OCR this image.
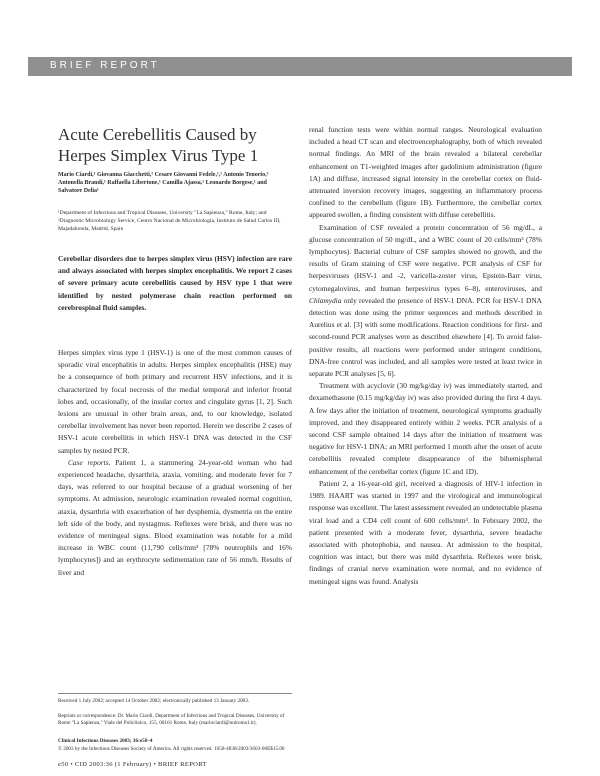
BRIEF REPORT
Acute Cerebellitis Caused by Herpes Simplex Virus Type 1
Mario Ciardi,¹ Giovanna Giacchetti,¹ Cesare Giovanni Fedele,¹,² Antonio Tenorio,² Antonella Brandi,¹ Raffaella Libertone,¹ Camilla Ajassa,¹ Leonardo Borgese,¹ and Salvatore Delia¹
¹Department of Infectious and Tropical Diseases, University "La Sapienza," Rome, Italy; and ²Diagnostic Microbiology Service, Centro Nacional de Microbiología, Instituto de Salud Carlos III, Majadahonda, Madrid, Spain
Cerebellar disorders due to herpes simplex virus (HSV) infection are rare and always associated with herpes simplex encephalitis. We report 2 cases of severe primary acute cerebellitis caused by HSV type 1 that were identified by nested polymerase chain reaction performed on cerebrospinal fluid samples.

Herpes simplex virus type 1 (HSV-1) is one of the most common causes of sporadic viral encephalitis in adults. Herpes simplex encephalitis (HSE) may be a consequence of both primary and recurrent HSV infections, and it is characterized by focal necrosis of the medial temporal and inferior frontal lobes and, occasionally, of the insular cortex and cingulate gyrus [1, 2]. Such lesions are unusual in other brain areas, and, to our knowledge, isolated cerebellar involvement has never been reported. Herein we describe 2 cases of HSV-1 acute cerebellitis in which HSV-1 DNA was detected in the CSF samples by nested PCR.

Case reports. Patient 1, a stammering 24-year-old woman who had experienced headache, dysarthria, ataxia, vomiting, and moderate fever for 7 days, was referred to our hospital because of a gradual worsening of her symptoms. At admission, neurologic examination revealed normal cognition, ataxia, dysarthria with exacerbation of her dysphemia, dysmetria on the entire left side of the body, and nystagmus. Reflexes were brisk, and there was no evidence of meningeal signs. Blood examination was notable for a mild increase in WBC count (11,790 cells/mm³ [78% neutrophils and 16% lymphocytes]) and an erythrocyte sedimentation rate of 56 mm/h. Results of liver and

renal function tests were within normal ranges. Neurological evaluation included a head CT scan and electroencephalography, both of which revealed normal findings. An MRI of the brain revealed a bilateral cerebellar enhancement on T1-weighted images after gadolinium administration (figure 1A) and diffuse, increased signal intensity in the cerebellar cortex on fluid-attenuated inversion recovery images, suggesting an inflammatory process confined to the cerebellum (figure 1B). Furthermore, the cerebellar cortex appeared swollen, a finding consistent with diffuse cerebellitis.

Examination of CSF revealed a protein concentration of 56 mg/dL, a glucose concentration of 50 mg/dL, and a WBC count of 20 cells/mm³ (78% lymphocytes). Bacterial culture of CSF samples showed no growth, and the results of Gram staining of CSF were negative. PCR analysis of CSF for herpesviruses (HSV-1 and -2, varicella-zoster virus, Epstein-Barr virus, cytomegalovirus, and human herpesvirus types 6–8), enteroviruses, and Chlamydia only revealed the presence of HSV-1 DNA. PCR for HSV-1 DNA detection was done using the primer sequences and methods described in Aurelius et al. [3] with some modifications. Reaction conditions for first- and second-round PCR analyses were as described elsewhere [4]. To avoid false-positive results, all reactions were performed under stringent conditions, DNA-free control was included, and all samples were tested at least twice in separate PCR analyses [5, 6].

Treatment with acyclovir (30 mg/kg/day iv) was immediately started, and dexamethasone (0.15 mg/kg/day iv) was also provided during the first 4 days. A few days after the initiation of treatment, neurological symptoms gradually improved, and they disappeared entirely within 2 weeks. PCR analysis of a second CSF sample obtained 14 days after the initiation of treatment was negative for HSV-1 DNA; an MRI performed 1 month after the onset of acute cerebellitis revealed complete disappearance of the bihemispheral enhancement of the cerebellar cortex (figure 1C and 1D).

Patient 2, a 16-year-old girl, received a diagnosis of HIV-1 infection in 1989. HAART was started in 1997 and the virological and immunological response was excellent. The latest assessment revealed an undetectable plasma viral load and a CD4 cell count of 600 cells/mm³. In February 2002, the patient presented with a moderate fever, dysarthria, severe headache associated with photophobia, and nausea. At admission to the hospital, cognition was intact, but there was mild dysarthria. Reflexes were brisk, findings of cranial nerve examination were normal, and no evidence of meningeal signs was found. Analysis

Received 1 July 2002; accepted 14 October 2002; electronically published 13 January 2003.
Reprints or correspondence: Dr. Mario Ciardi, Department of Infectious and Tropical Diseases, University of Rome "La Sapienza," Viale del Policlinico, 155, 00161 Rome, Italy (mariociardi@uniroma1.it).
Clinical Infectious Diseases 2003; 36:e50–4
© 2003 by the Infectious Diseases Society of America. All rights reserved. 1058-4838/2003/3603-00E$15.00
e50 • CID 2003:36 (1 February) • BRIEF REPORT
